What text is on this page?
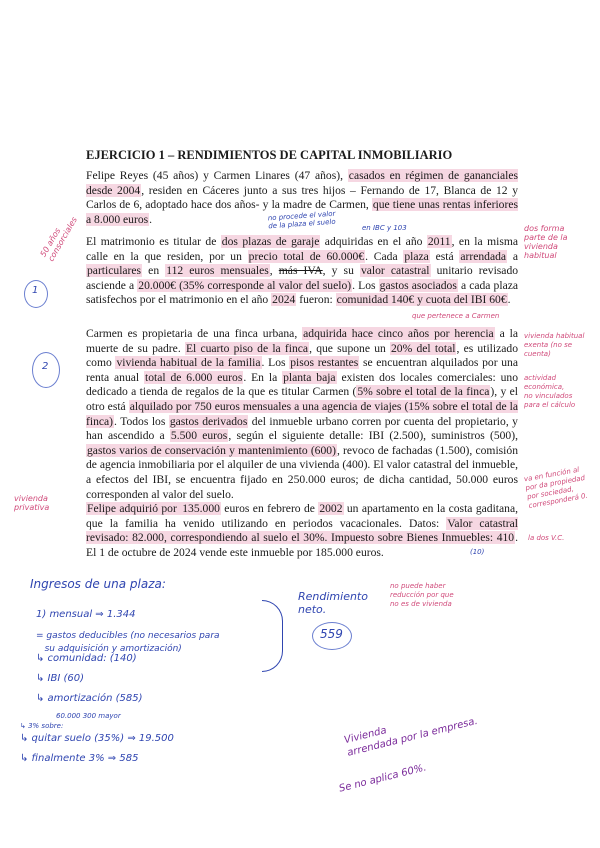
EJERCICIO 1 – RENDIMIENTOS DE CAPITAL INMOBILIARIO
Felipe Reyes (45 años) y Carmen Linares (47 años), casados en régimen de gananciales desde 2004, residen en Cáceres junto a sus tres hijos – Fernando de 17, Blanca de 12 y Carlos de 6, adoptado hace dos años- y la madre de Carmen, que tiene unas rentas inferiores a 8.000 euros.
El matrimonio es titular de dos plazas de garaje adquiridas en el año 2011, en la misma calle en la que residen, por un precio total de 60.000€. Cada plaza está arrendada a particulares en 112 euros mensuales, más IVA, y su valor catastral unitario revisado asciende a 20.000€ (35% corresponde al valor del suelo). Los gastos asociados a cada plaza satisfechos por el matrimonio en el año 2024 fueron: comunidad 140€ y cuota del IBI 60€.
Carmen es propietaria de una finca urbana, adquirida hace cinco años por herencia a la muerte de su padre. El cuarto piso de la finca, que supone un 20% del total, es utilizado como vivienda habitual de la familia. Los pisos restantes se encuentran alquilados por una renta anual total de 6.000 euros. En la planta baja existen dos locales comerciales: uno dedicado a tienda de regalos de la que es titular Carmen (5% sobre el total de la finca), y el otro está alquilado por 750 euros mensuales a una agencia de viajes (15% sobre el total de la finca). Todos los gastos derivados del inmueble urbano corren por cuenta del propietario, y han ascendido a 5.500 euros, según el siguiente detalle: IBI (2.500), suministros (500), gastos varios de conservación y mantenimiento (600), revoco de fachadas (1.500), comisión de agencia inmobiliaria por el alquiler de una vivienda (400). El valor catastral del inmueble, a efectos del IBI, se encuentra fijado en 250.000 euros; de dicha cantidad, 50.000 euros corresponden al valor del suelo.
Felipe adquirió por 135.000 euros en febrero de 2002 un apartamento en la costa gaditana, que la familia ha venido utilizando en periodos vacacionales. Datos: Valor catastral revisado: 82.000, correspondiendo al suelo el 30%. Impuesto sobre Bienes Inmuebles: 410. El 1 de octubre de 2024 vende este inmueble por 185.000 euros.
50 años
consorciales
1
2
vivienda
privativa
no procede el valor
de la plaza el suelo	en IBC y 103	dos forma
parte de la
vivienda
habitual
que pertenece a Carmen
vivienda habitual
exenta (no se
cuenta)
actividad
económica,
no vinculados
para el cálculo
va en función al
por da propiedad
por sociedad,
corresponderá 0.
la dos V.C.
(10)
Ingresos de una plaza:
1) mensual ⇒ 1.344
= gastos deducibles (no necesarios para
su adquisición y amortización)
↳ comunidad: (140)
↳ IBI (60)
↳ amortización (585)
60.000 300 mayor
↳ 3% sobre:
↳ quitar suelo (35%) ⇒ 19.500
↳ finalmente 3% ⇒ 585
Rendimiento
neto.
559
no puede haber
reducción por que
no es de vivienda
Vivienda
arrendada por la empresa.
Se no aplica 60%.
